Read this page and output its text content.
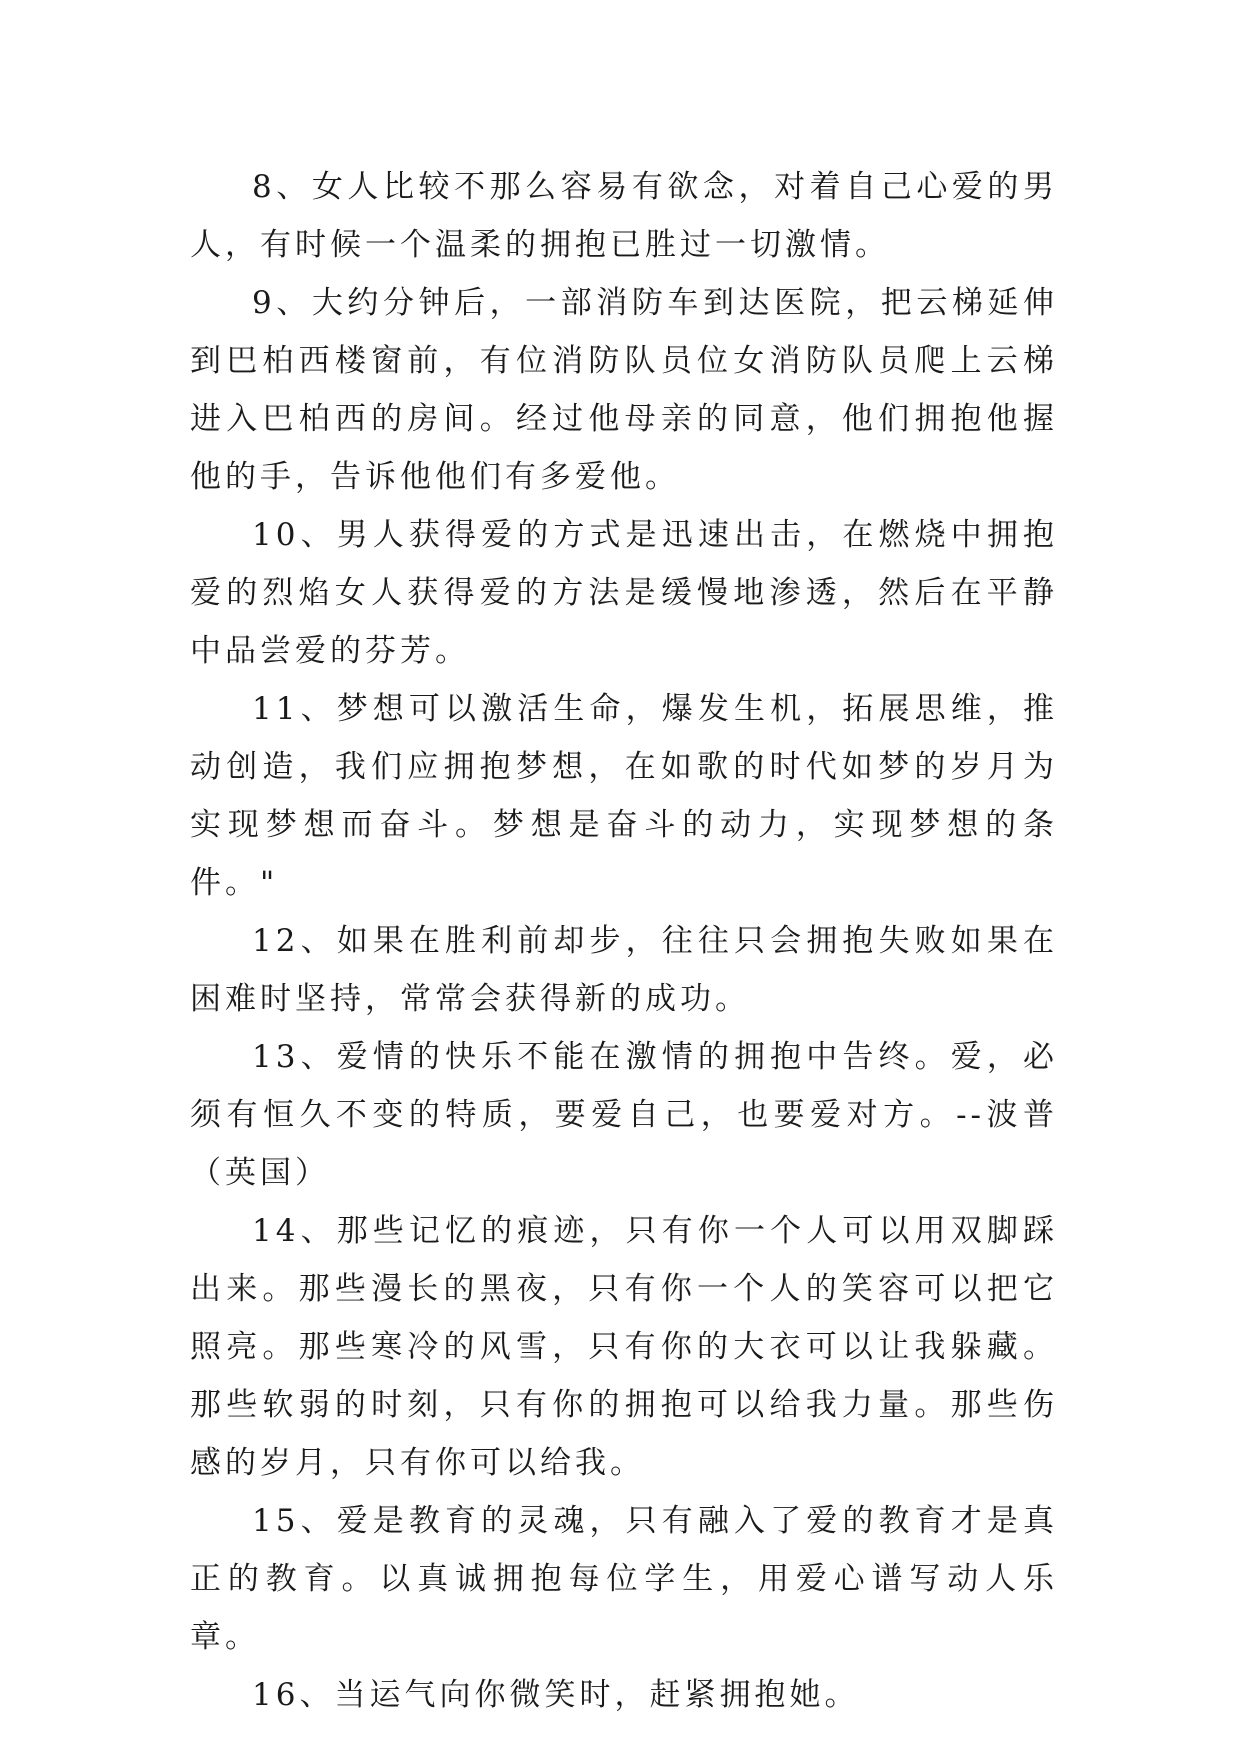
8、女人比较不那么容易有欲念，对着自己心爱的男人，有时候一个温柔的拥抱已胜过一切激情。

9、大约分钟后，一部消防车到达医院，把云梯延伸到巴柏西楼窗前，有位消防队员位女消防队员爬上云梯进入巴柏西的房间。经过他母亲的同意，他们拥抱他握他的手，告诉他他们有多爱他。

10、男人获得爱的方式是迅速出击，在燃烧中拥抱爱的烈焰女人获得爱的方法是缓慢地渗透，然后在平静中品尝爱的芬芳。

11、梦想可以激活生命，爆发生机，拓展思维，推动创造，我们应拥抱梦想，在如歌的时代如梦的岁月为实现梦想而奋斗。梦想是奋斗的动力，实现梦想的条件。"

12、如果在胜利前却步，往往只会拥抱失败如果在困难时坚持，常常会获得新的成功。

13、爱情的快乐不能在激情的拥抱中告终。爱，必须有恒久不变的特质，要爱自己，也要爱对方。--波普（英国）

14、那些记忆的痕迹，只有你一个人可以用双脚踩出来。那些漫长的黑夜，只有你一个人的笑容可以把它照亮。那些寒冷的风雪，只有你的大衣可以让我躲藏。那些软弱的时刻，只有你的拥抱可以给我力量。那些伤感的岁月，只有你可以给我。

15、爱是教育的灵魂，只有融入了爱的教育才是真正的教育。以真诚拥抱每位学生，用爱心谱写动人乐章。

16、当运气向你微笑时，赶紧拥抱她。
